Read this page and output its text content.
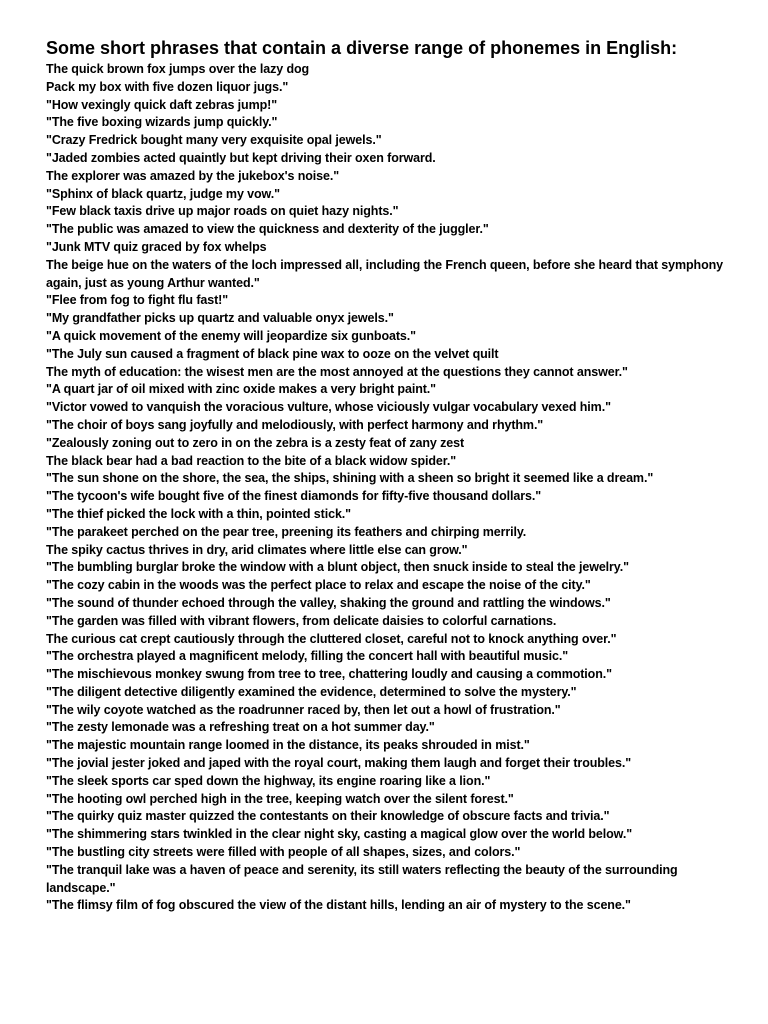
Some short phrases that contain a diverse range of phonemes in English:

The quick brown fox jumps over the lazy dog

Pack my box with five dozen liquor jugs."

"How vexingly quick daft zebras jump!"

"The five boxing wizards jump quickly."

"Crazy Fredrick bought many very exquisite opal jewels."

"Jaded zombies acted quaintly but kept driving their oxen forward.

The explorer was amazed by the jukebox's noise."

"Sphinx of black quartz, judge my vow."

"Few black taxis drive up major roads on quiet hazy nights."

"The public was amazed to view the quickness and dexterity of the juggler."

"Junk MTV quiz graced by fox whelps

The beige hue on the waters of the loch impressed all, including the French queen, before she heard that symphony again, just as young Arthur wanted."

"Flee from fog to fight flu fast!"

"My grandfather picks up quartz and valuable onyx jewels."

"A quick movement of the enemy will jeopardize six gunboats."

"The July sun caused a fragment of black pine wax to ooze on the velvet quilt

The myth of education: the wisest men are the most annoyed at the questions they cannot answer."

"A quart jar of oil mixed with zinc oxide makes a very bright paint."

"Victor vowed to vanquish the voracious vulture, whose viciously vulgar vocabulary vexed him."

"The choir of boys sang joyfully and melodiously, with perfect harmony and rhythm."

"Zealously zoning out to zero in on the zebra is a zesty feat of zany zest

The black bear had a bad reaction to the bite of a black widow spider."

"The sun shone on the shore, the sea, the ships, shining with a sheen so bright it seemed like a dream."

"The tycoon's wife bought five of the finest diamonds for fifty-five thousand dollars."

"The thief picked the lock with a thin, pointed stick."

"The parakeet perched on the pear tree, preening its feathers and chirping merrily.

The spiky cactus thrives in dry, arid climates where little else can grow."

"The bumbling burglar broke the window with a blunt object, then snuck inside to steal the jewelry."

"The cozy cabin in the woods was the perfect place to relax and escape the noise of the city."

"The sound of thunder echoed through the valley, shaking the ground and rattling the windows."

"The garden was filled with vibrant flowers, from delicate daisies to colorful carnations.

The curious cat crept cautiously through the cluttered closet, careful not to knock anything over."

"The orchestra played a magnificent melody, filling the concert hall with beautiful music."

"The mischievous monkey swung from tree to tree, chattering loudly and causing a commotion."

"The diligent detective diligently examined the evidence, determined to solve the mystery."

"The wily coyote watched as the roadrunner raced by, then let out a howl of frustration."

"The zesty lemonade was a refreshing treat on a hot summer day."

"The majestic mountain range loomed in the distance, its peaks shrouded in mist."

"The jovial jester joked and japed with the royal court, making them laugh and forget their troubles."

"The sleek sports car sped down the highway, its engine roaring like a lion."

"The hooting owl perched high in the tree, keeping watch over the silent forest."

"The quirky quiz master quizzed the contestants on their knowledge of obscure facts and trivia."

"The shimmering stars twinkled in the clear night sky, casting a magical glow over the world below."

"The bustling city streets were filled with people of all shapes, sizes, and colors."

"The tranquil lake was a haven of peace and serenity, its still waters reflecting the beauty of the surrounding landscape."

"The flimsy film of fog obscured the view of the distant hills, lending an air of mystery to the scene."
